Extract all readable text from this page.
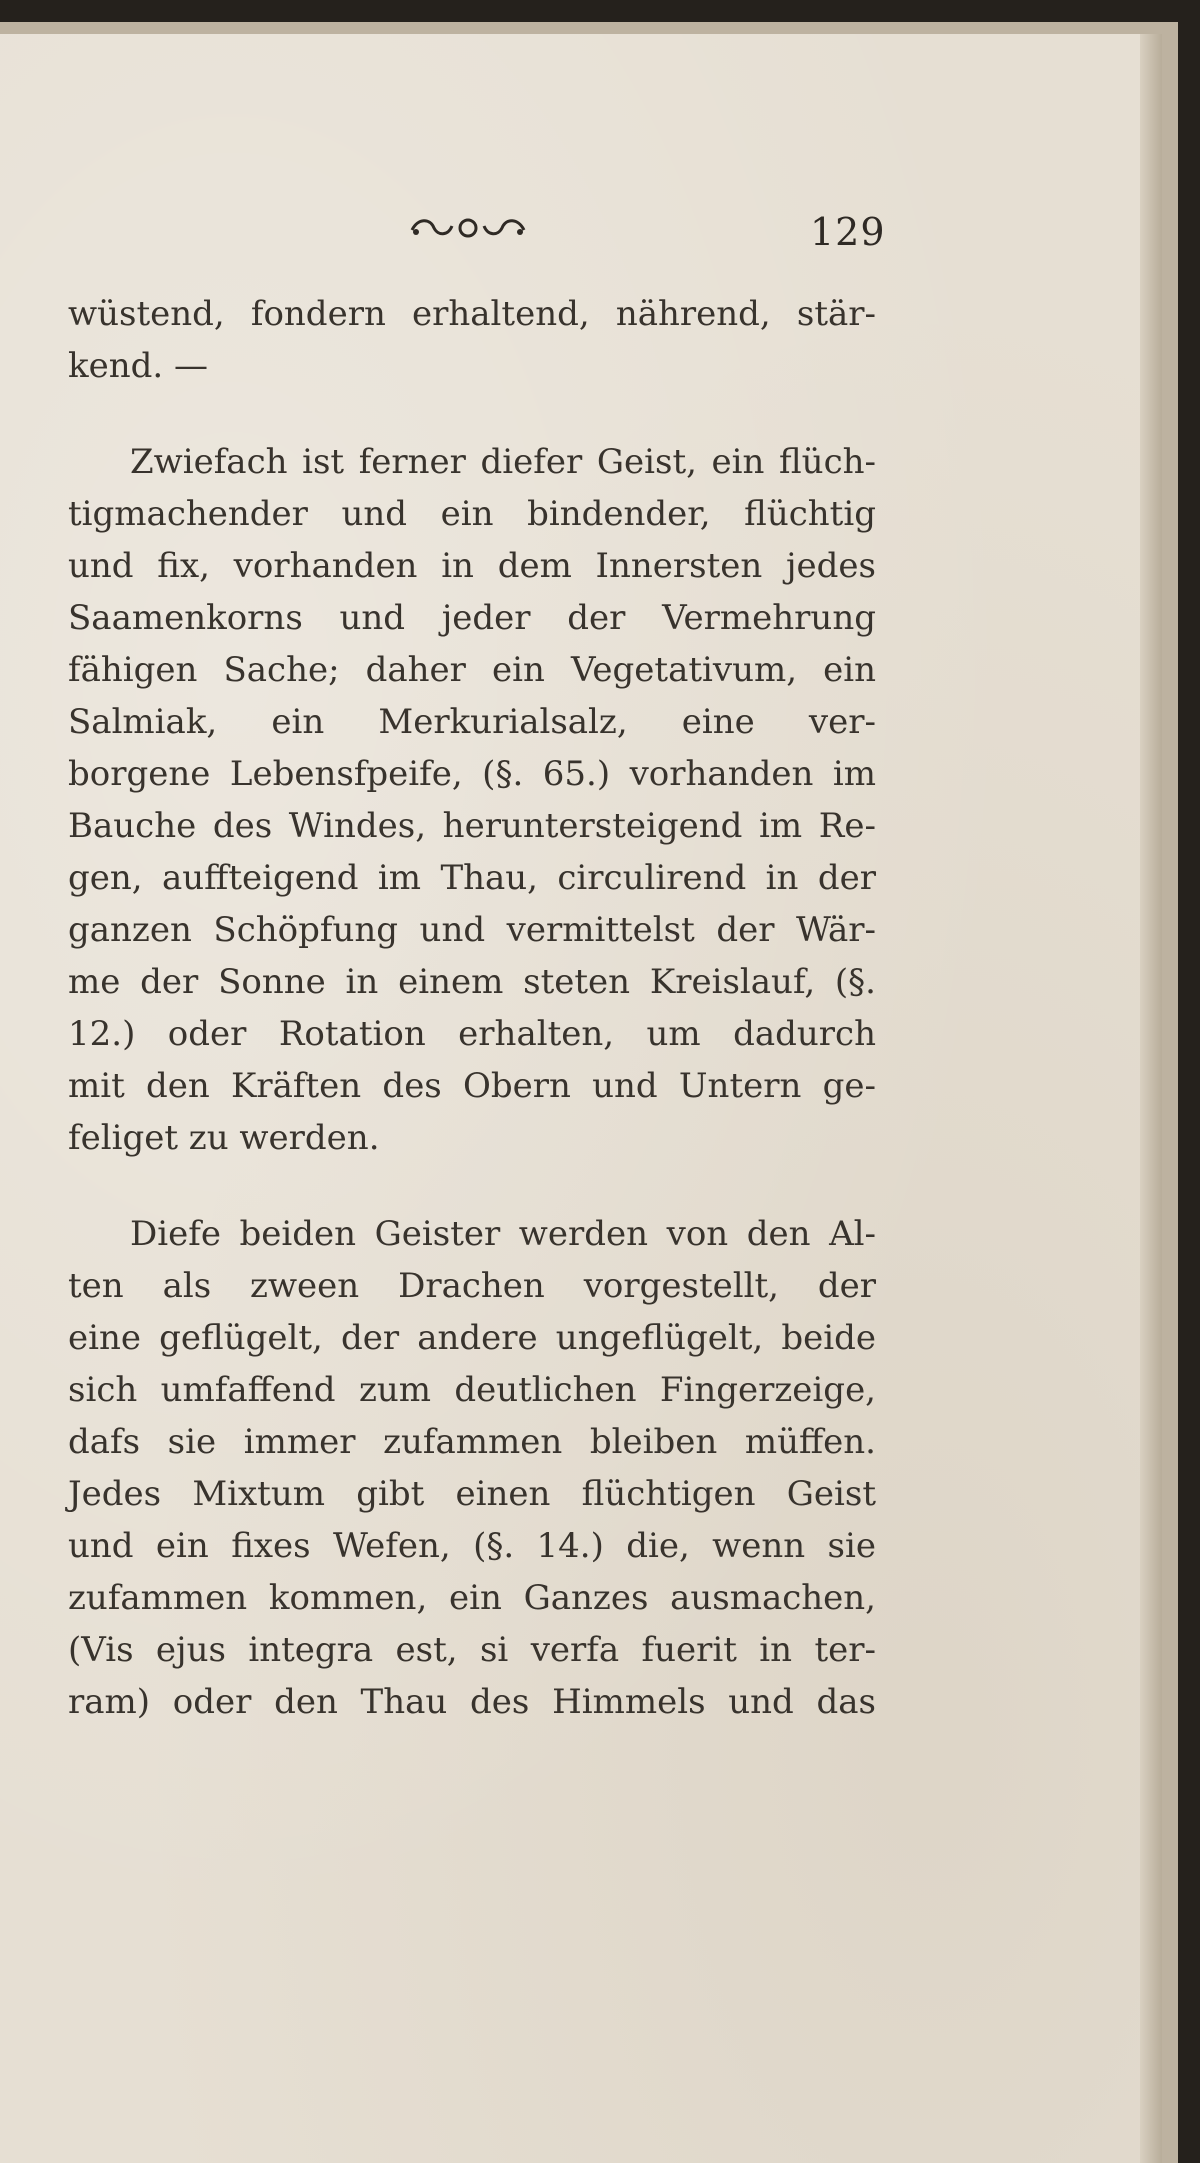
129
wüstend, fondern erhaltend, nährend, stär-
kend. —
Zwiefach ist ferner diefer Geist, ein flüch-
tigmachender und ein bindender, flüchtig
und fix, vorhanden in dem Innersten jedes
Saamenkorns und jeder der Vermehrung
fähigen Sache; daher ein Vegetativum, ein
Salmiak, ein Merkurialsalz, eine ver-
borgene Lebensfpeife, (§. 65.) vorhanden im
Bauche des Windes, heruntersteigend im Re-
gen, auffteigend im Thau, circulirend in der
ganzen Schöpfung und vermittelst der Wär-
me der Sonne in einem steten Kreislauf, (§.
12.) oder Rotation erhalten, um dadurch
mit den Kräften des Obern und Untern ge-
feliget zu werden.
Diefe beiden Geister werden von den Al-
ten als zween Drachen vorgestellt, der
eine geflügelt, der andere ungeflügelt, beide
sich umfaffend zum deutlichen Fingerzeige,
dafs sie immer zufammen bleiben müffen.
Jedes Mixtum gibt einen flüchtigen Geist
und ein fixes Wefen, (§. 14.) die, wenn sie
zufammen kommen, ein Ganzes ausmachen,
(Vis ejus integra est, si verfa fuerit in ter-
ram) oder den Thau des Himmels und das
